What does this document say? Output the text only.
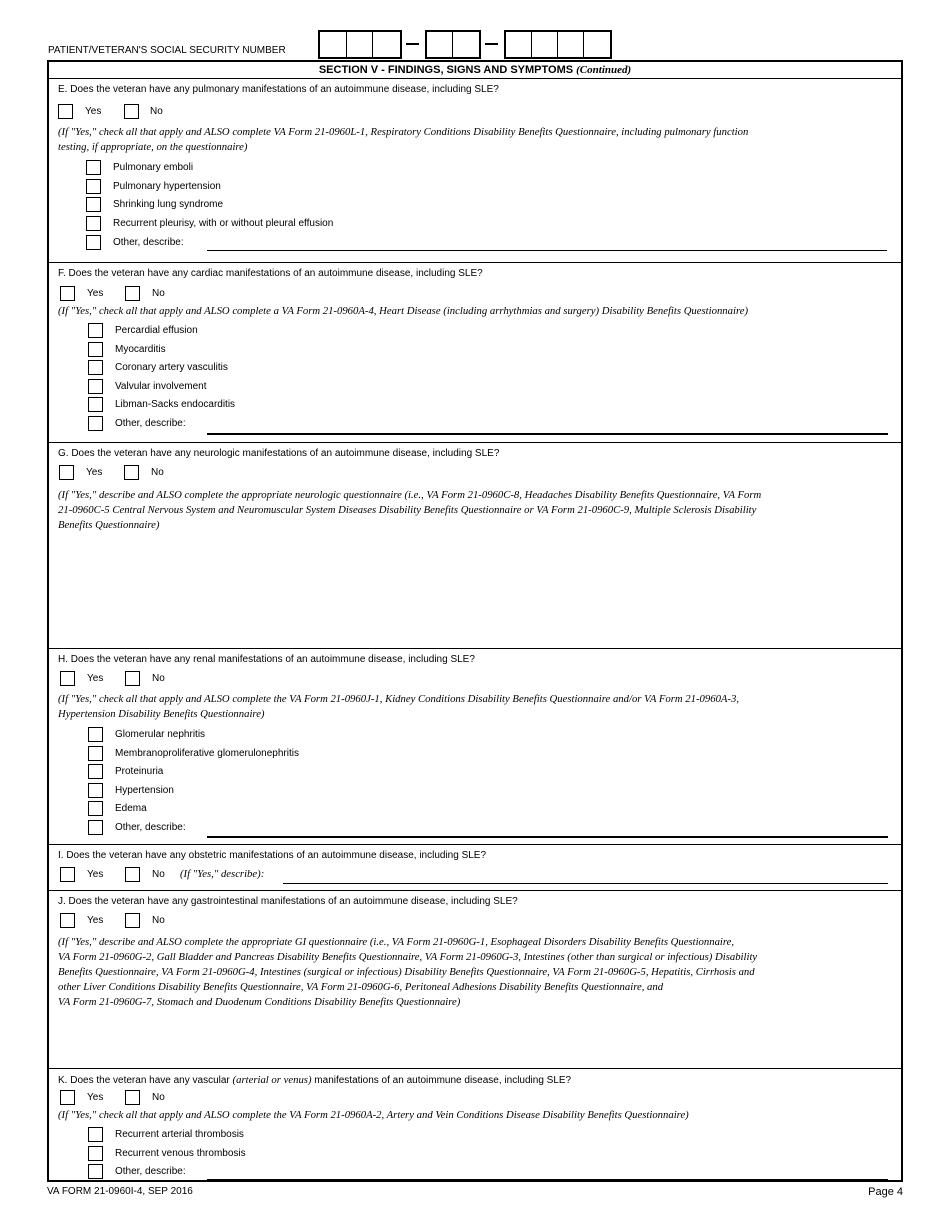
PATIENT/VETERAN'S SOCIAL SECURITY NUMBER
SECTION V - FINDINGS, SIGNS AND SYMPTOMS (Continued)
E. Does the veteran have any pulmonary manifestations of an autoimmune disease, including SLE?
Yes	No
(If "Yes," check all that apply and ALSO complete VA Form 21-0960L-1, Respiratory Conditions Disability Benefits Questionnaire, including pulmonary function
testing, if appropriate, on the questionnaire)
Pulmonary emboli
Pulmonary hypertension
Shrinking lung syndrome
Recurrent pleurisy, with or without pleural effusion
Other, describe:
F. Does the veteran have any cardiac manifestations of an autoimmune disease, including SLE?
Yes	No
(If "Yes," check all that apply and ALSO complete a VA Form 21-0960A-4, Heart Disease (including arrhythmias and surgery) Disability Benefits Questionnaire)
Percardial effusion
Myocarditis
Coronary artery vasculitis
Valvular involvement
Libman-Sacks endocarditis
Other, describe:
G. Does the veteran have any neurologic manifestations of an autoimmune disease, including SLE?
Yes	No
(If "Yes," describe and ALSO complete the appropriate neurologic questionnaire (i.e., VA Form 21-0960C-8, Headaches Disability Benefits Questionnaire, VA Form
21-0960C-5 Central Nervous System and Neuromuscular System Diseases Disability Benefits Questionnaire or VA Form 21-0960C-9, Multiple Sclerosis Disability
Benefits Questionnaire)
H. Does the veteran have any renal manifestations of an autoimmune disease, including SLE?
Yes	No
(If "Yes," check all that apply and ALSO complete the VA Form 21-0960J-1, Kidney Conditions Disability Benefits Questionnaire and/or VA Form 21-0960A-3,
Hypertension Disability Benefits Questionnaire)
Glomerular nephritis
Membranoproliferative glomerulonephritis
Proteinuria
Hypertension
Edema
Other, describe:
I. Does the veteran have any obstetric manifestations of an autoimmune disease, including SLE?
Yes	No (If "Yes," describe):
J. Does the veteran have any gastrointestinal manifestations of an autoimmune disease, including SLE?
Yes	No
(If "Yes," describe and ALSO complete the appropriate GI questionnaire (i.e., VA Form 21-0960G-1, Esophageal Disorders Disability Benefits Questionnaire,
VA Form 21-0960G-2, Gall Bladder and Pancreas Disability Benefits Questionnaire, VA Form 21-0960G-3, Intestines (other than surgical or infectious) Disability
Benefits Questionnaire, VA Form 21-0960G-4, Intestines (surgical or infectious) Disability Benefits Questionnaire, VA Form 21-0960G-5, Hepatitis, Cirrhosis and
other Liver Conditions Disability Benefits Questionnaire, VA Form 21-0960G-6, Peritoneal Adhesions Disability Benefits Questionnaire, and
VA Form 21-0960G-7, Stomach and Duodenum Conditions Disability Benefits Questionnaire)
K. Does the veteran have any vascular (arterial or venus) manifestations of an autoimmune disease, including SLE?
Yes	No
(If "Yes," check all that apply and ALSO complete the VA Form 21-0960A-2, Artery and Vein Conditions Disease Disability Benefits Questionnaire)
Recurrent arterial thrombosis
Recurrent venous thrombosis
Other, describe:
VA FORM 21-0960I-4, SEP 2016	Page 4
